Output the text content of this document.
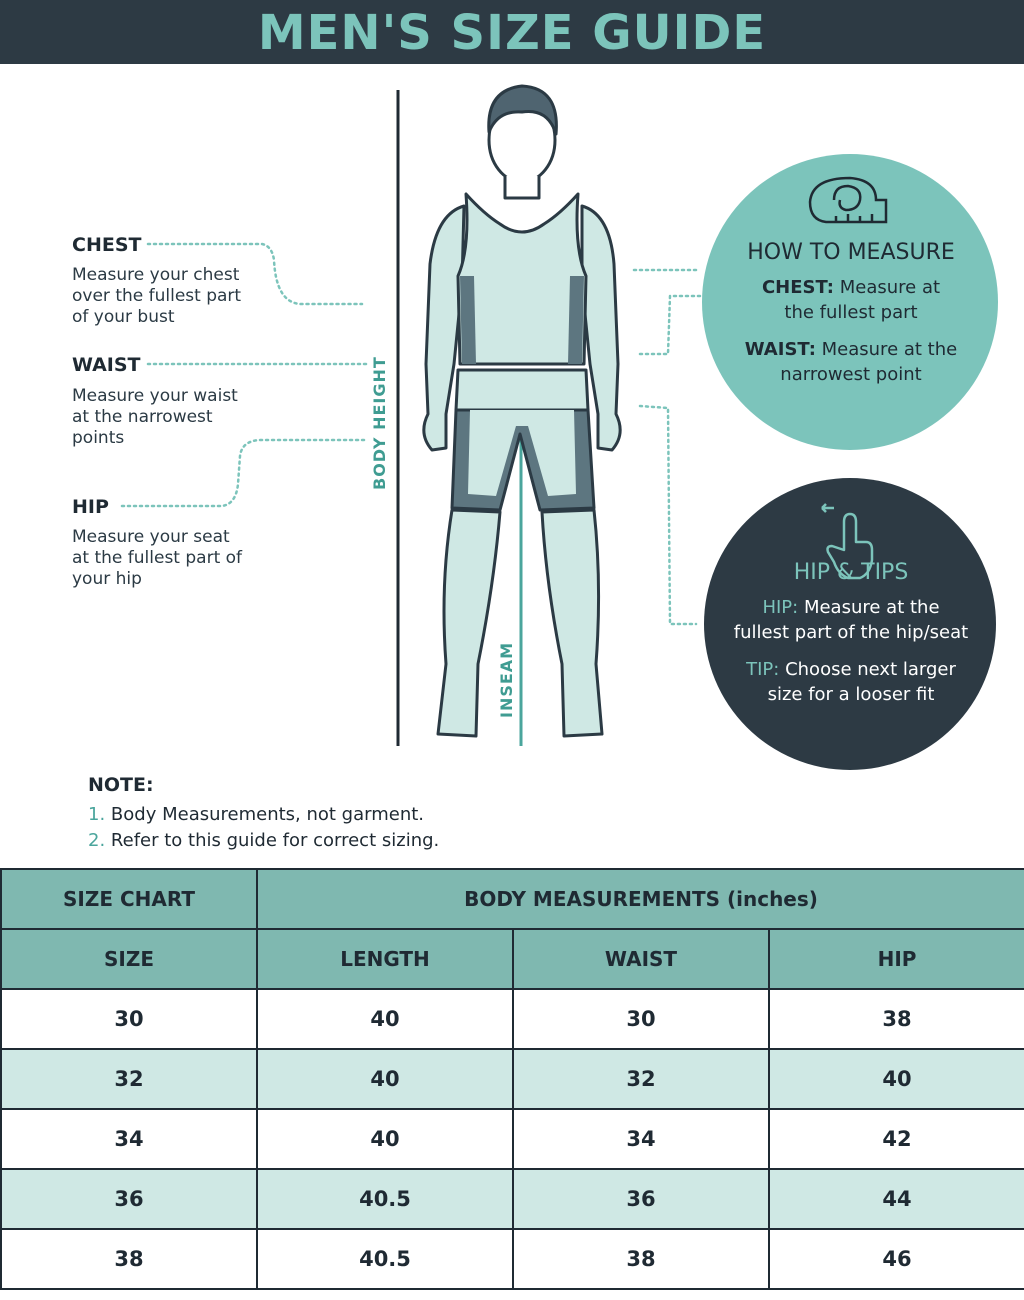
MEN'S SIZE GUIDE
CHEST
Measure your chest
over the fullest part
of your bust
WAIST
Measure your waist
at the narrowest
points
HIP
Measure your seat
at the fullest part of
your hip
BODY HEIGHT
INSEAM
HOW TO MEASURE
CHEST: Measure at
the fullest part
WAIST: Measure at the
narrowest point
HIP & TIPS
HIP: Measure at the
fullest part of the hip/seat
TIP: Choose next larger
size for a looser fit
NOTE:
1. Body Measurements, not garment.
2. Refer to this guide for correct sizing.
SIZE CHART	BODY MEASUREMENTS (inches)		
SIZE	LENGTH	WAIST	HIP
30	40	30	38
32	40	32	40
34	40	34	42
36	40.5	36	44
38	40.5	38	46
